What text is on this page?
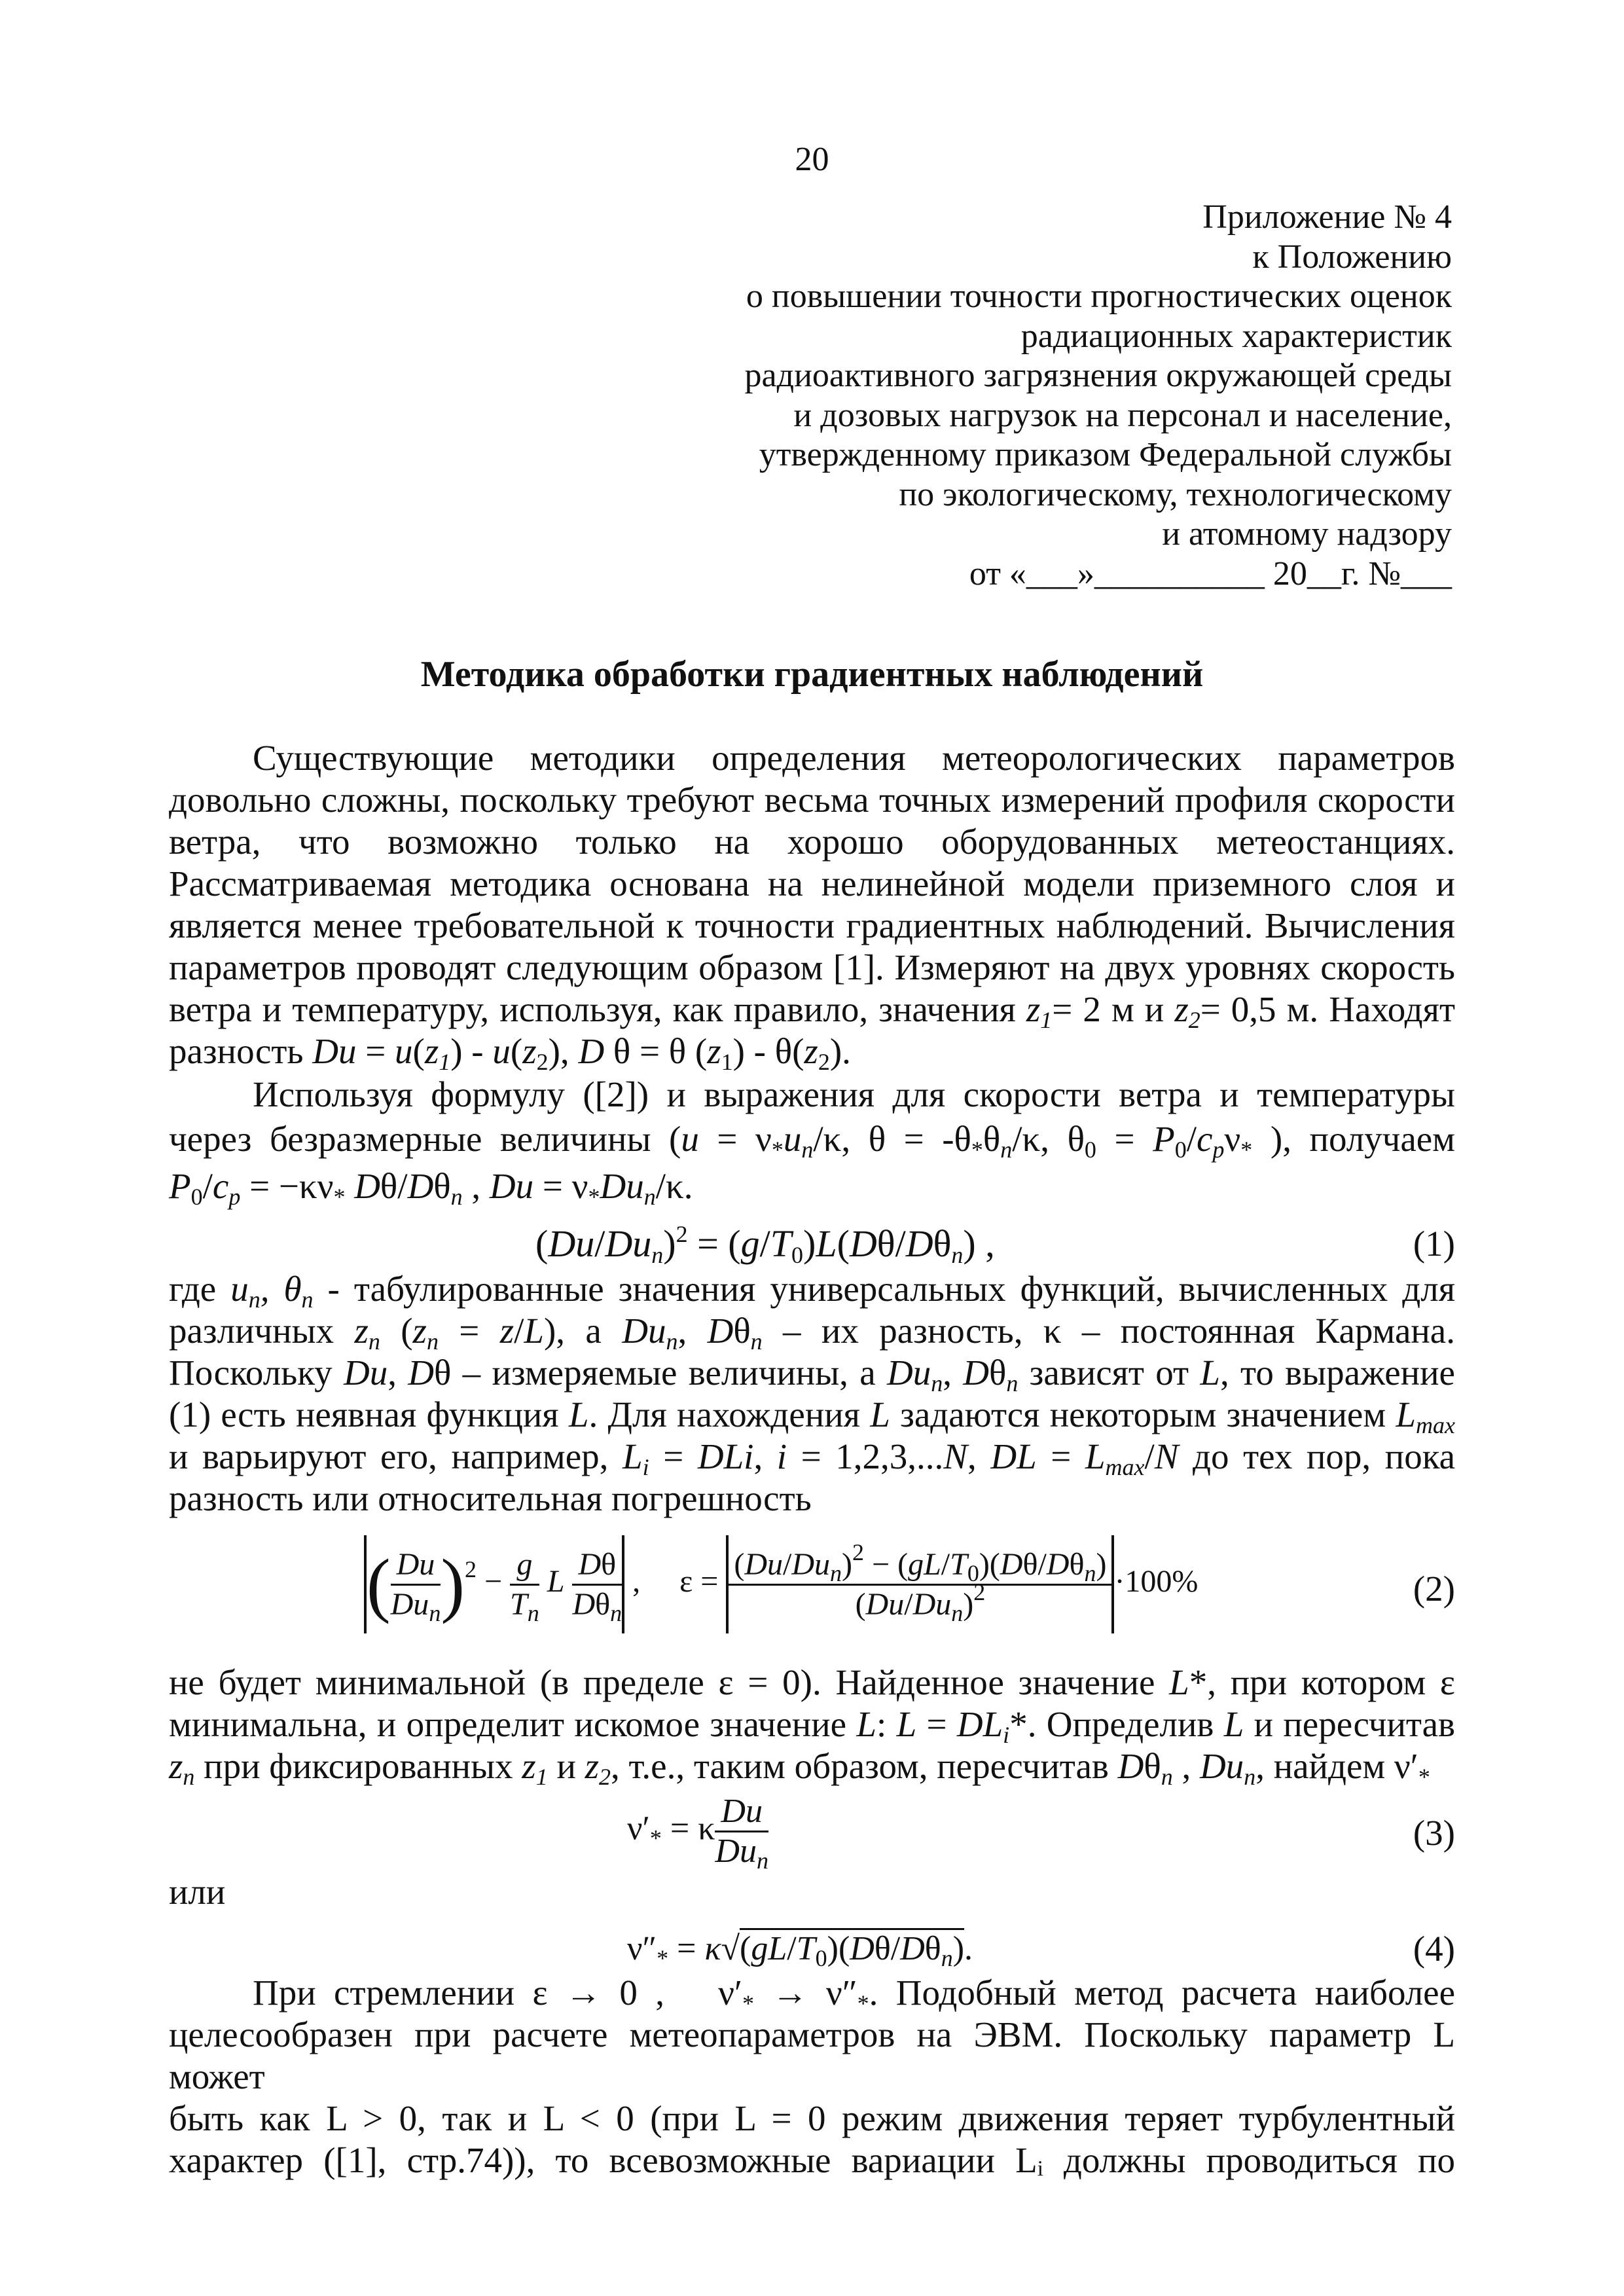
20
Приложение № 4
к Положению
о повышении точности прогностических оценок
радиационных характеристик
радиоактивного загрязнения окружающей среды
и дозовых нагрузок на персонал и население,
утвержденному приказом Федеральной службы
по экологическому, технологическому
и атомному надзору
от «___»__________ 20__г. №___
Методика обработки градиентных наблюдений

Существующие методики определения метеорологических параметров

довольно сложны, поскольку требуют весьма точных измерений профиля скорости

ветра, что возможно только на хорошо оборудованных метеостанциях.

Рассматриваемая методика основана на нелинейной модели приземного слоя и

является менее требовательной к точности градиентных наблюдений. Вычисления

параметров проводят следующим образом [1]. Измеряют на двух уровнях скорость

ветра и температуру, используя, как правило, значения $z_1= 2$ м и $z_2= 0,5$ м. Находят

разность $Du = u(z_1) - u(z_2)$, D θ = θ $(z_1) - \theta(z_2)$.

Используя формулу ([2]) и выражения для скорости ветра и температуры

через безразмерные величины ($u = \nu_*u_n/\kappa$, $\theta = -\theta_*\theta_n/\kappa$, $\theta_0 = P_0/c_p\nu_*$ ), получаем

$P_0/c_p = -\kappa\nu_*$ $D\theta/D\theta_n$ , $Du = \nu_*Du_n/\kappa$.

$(Du/Du_n)^2 = (g/T_0)L(D\theta/D\theta_n)$ ,	(1)

где $u_n$, $\theta_n$ - табулированные значения универсальных функций, вычисленных для

различных $z_n$ $(z_n = z/L)$, а $Du_n$, $D\theta_n$ – их разность, κ – постоянная Кармана.

Поскольку Du, Dθ – измеряемые величины, а $Du_n$, $D\theta_n$ зависят от L, то выражение

(1) есть неявная функция L. Для нахождения L задаются некоторым значением $L_{max}$

и варьируют его, например, $L_i$ = DLi, i = 1,2,3,...N, DL = $L_{max}/N$ до тех пор, пока

разность или относительная погрешность

( $\frac{Du}{Du_n} )^2 - \frac{g}{T_n}$ L $\frac{D\theta}{D\theta_n}$ ,     $\varepsilon = \frac{(Du/Du_n)^2 - (gL/T_0)(D\theta/D\theta_n)}{(Du/Du_n)^2} \cdot 100\%$	(2)

не будет минимальной (в пределе ε = 0). Найденное значение L*, при котором ε

минимальна, и определит искомое значение L: $L = DL_i*$. Определив L и пересчитав

$z_n$ при фиксированных $z_1$ и $z_2$, т.е., таким образом, пересчитав $D\theta_n$ , $Du_n$, найдем $\nu'_*$

$\nu'_* = \kappa \frac{Du}{Du_n}$	(3)

или

$\nu''_* = \kappa√(gL/T_0)(D\theta/D\theta_n)$.	(4)

При стремлении ε → 0 ,   $\nu'_* \to \nu''_*$. Подобный метод расчета наиболее

целесообразен при расчете метеопараметров на ЭВМ. Поскольку параметр L может

быть как L > 0, так и L < 0 (при L = 0 режим движения теряет турбулентный

характер ([1], стр.74)), то всевозможные вариации Lᵢ должны проводиться по
